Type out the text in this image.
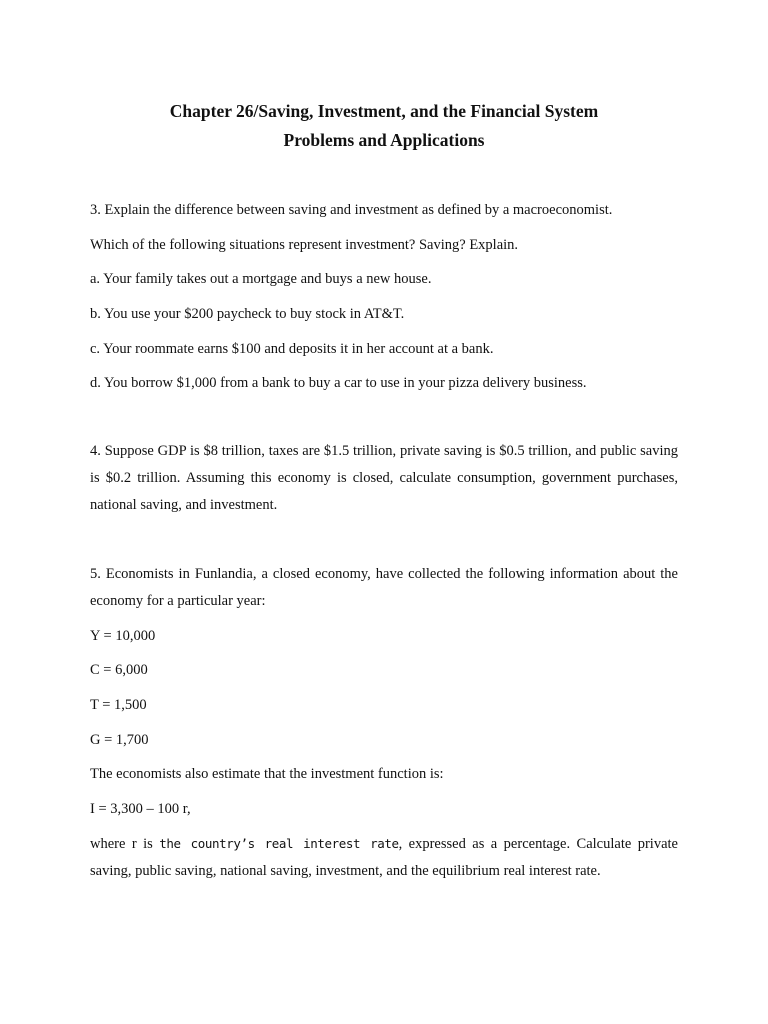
Chapter 26/Saving, Investment, and the Financial System
Problems and Applications
3. Explain the difference between saving and investment as defined by a macroeconomist.
Which of the following situations represent investment? Saving? Explain.
a. Your family takes out a mortgage and buys a new house.
b. You use your $200 paycheck to buy stock in AT&T.
c. Your roommate earns $100 and deposits it in her account at a bank.
d. You borrow $1,000 from a bank to buy a car to use in your pizza delivery business.
4. Suppose GDP is $8 trillion, taxes are $1.5 trillion, private saving is $0.5 trillion, and public saving is $0.2 trillion. Assuming this economy is closed, calculate consumption, government purchases, national saving, and investment.
5. Economists in Funlandia, a closed economy, have collected the following information about the economy for a particular year:
Y = 10,000
C = 6,000
T = 1,500
G = 1,700
The economists also estimate that the investment function is:
I = 3,300 – 100 r,
where r is the country’s real interest rate, expressed as a percentage. Calculate private saving, public saving, national saving, investment, and the equilibrium real interest rate.
